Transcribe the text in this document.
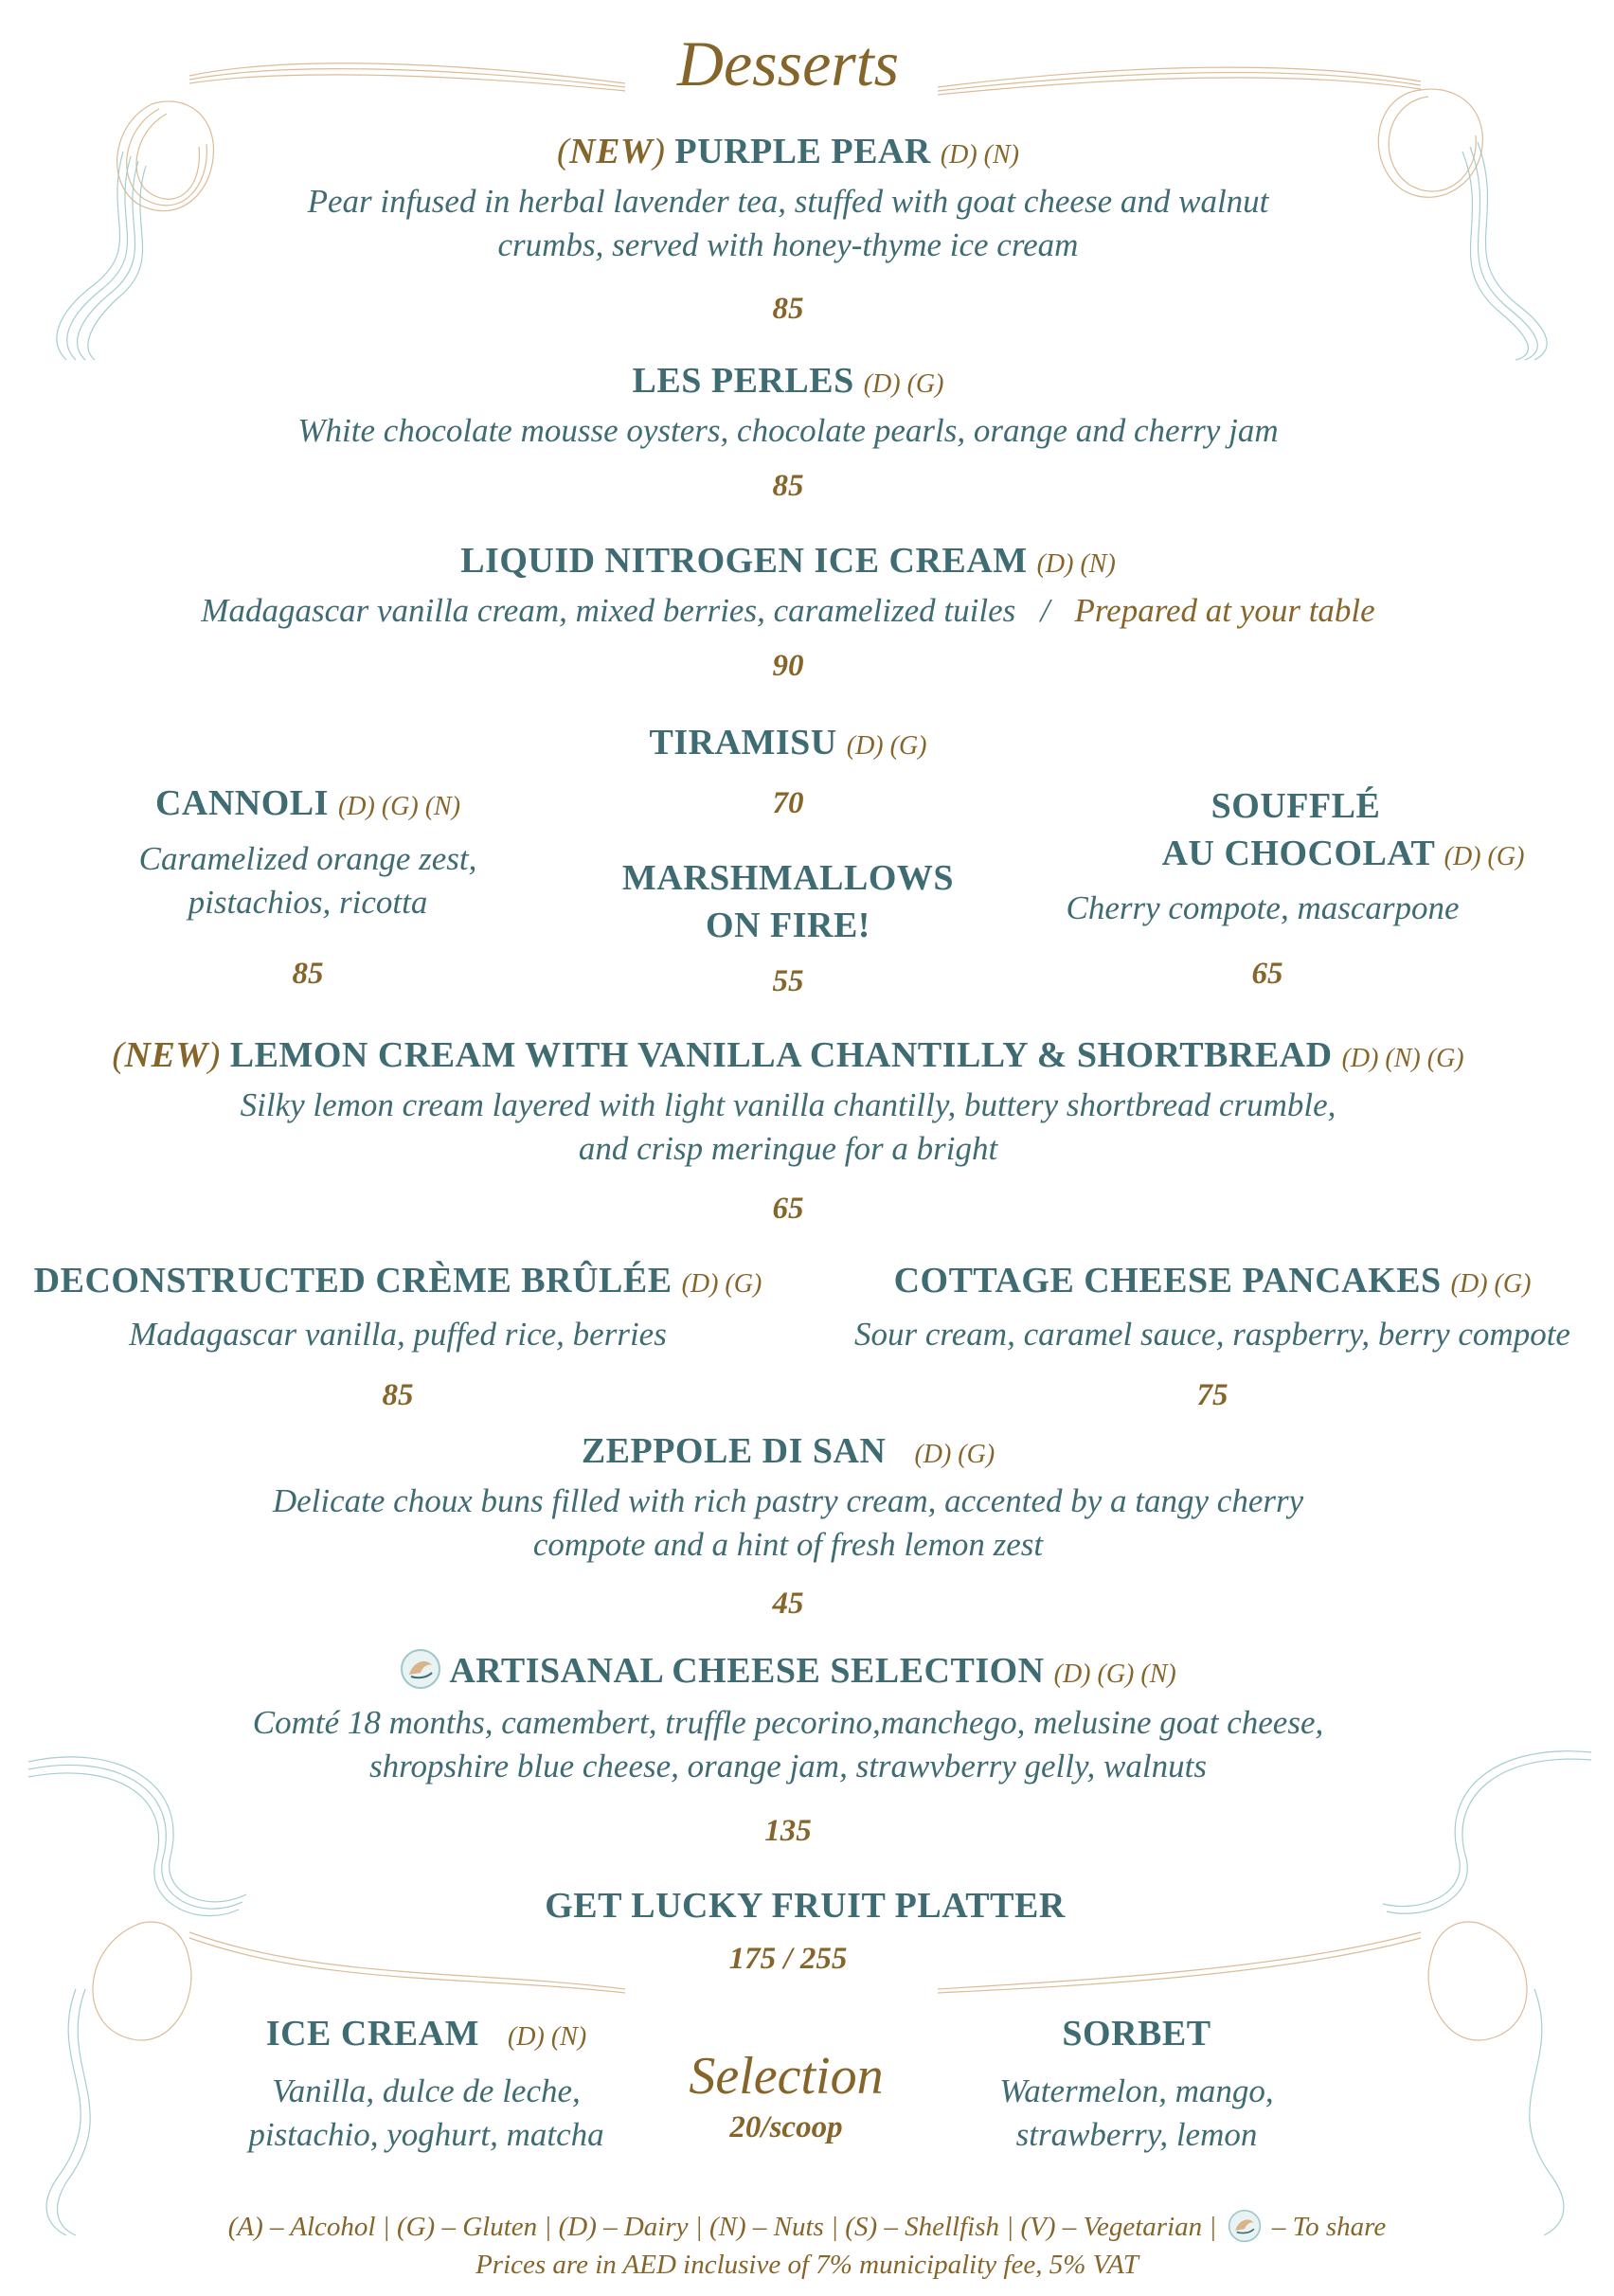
Desserts
(NEW) PURPLE PEAR (D) (N)
Pear infused in herbal lavender tea, stuffed with goat cheese and walnut
crumbs, served with honey-thyme ice cream
85
LES PERLES (D) (G)
White chocolate mousse oysters, chocolate pearls, orange and cherry jam
85
LIQUID NITROGEN ICE CREAM (D) (N)
Madagascar vanilla cream, mixed berries, caramelized tuiles / Prepared at your table
90
TIRAMISU (D) (G)
70
CANNOLI (D) (G) (N)
Caramelized orange zest,
pistachios, ricotta
85
MARSHMALLOWS
ON FIRE!
55
SOUFFLÉ
AU CHOCOLAT (D) (G)
Cherry compote, mascarpone
65
(NEW) LEMON CREAM WITH VANILLA CHANTILLY & SHORTBREAD (D) (N) (G)
Silky lemon cream layered with light vanilla chantilly, buttery shortbread crumble,
and crisp meringue for a bright
65
DECONSTRUCTED CRÈME BRÛLÉE (D) (G)
Madagascar vanilla, puffed rice, berries
85
COTTAGE CHEESE PANCAKES (D) (G)
Sour cream, caramel sauce, raspberry, berry compote
75
ZEPPOLE DI SAN (D) (G)
Delicate choux buns filled with rich pastry cream, accented by a tangy cherry
compote and a hint of fresh lemon zest
45
ARTISANAL CHEESE SELECTION (D) (G) (N)
Comté 18 months, camembert, truffle pecorino,manchego, melusine goat cheese,
shropshire blue cheese, orange jam, strawvberry gelly, walnuts
135
GET LUCKY FRUIT PLATTER
175 / 255
ICE CREAM (D) (N)
Vanilla, dulce de leche,
pistachio, yoghurt, matcha
Selection
20/scoop
SORBET
Watermelon, mango,
strawberry, lemon
(A) – Alcohol | (G) – Gluten | (D) – Dairy | (N) – Nuts | (S) – Shellfish | (V) – Vegetarian | – To share
Prices are in AED inclusive of 7% municipality fee, 5% VAT
